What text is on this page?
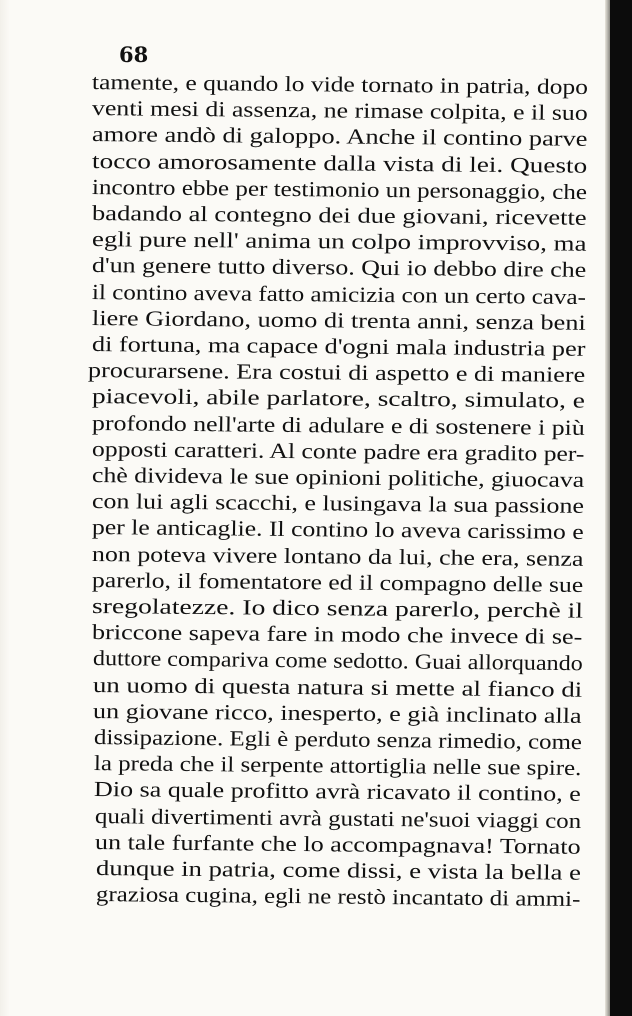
68

tamente, e quando lo vide tornato in patria, dopo

venti mesi di assenza, ne rimase colpita, e il suo

amore andò di galoppo. Anche il contino parve

tocco amorosamente dalla vista di lei. Questo

incontro ebbe per testimonio un personaggio, che

badando al contegno dei due giovani, ricevette

egli pure nell' anima un colpo improvviso, ma

d'un genere tutto diverso. Qui io debbo dire che

il contino aveva fatto amicizia con un certo cava-

liere Giordano, uomo di trenta anni, senza beni

di fortuna, ma capace d'ogni mala industria per

procurarsene. Era costui di aspetto e di maniere

piacevoli, abile parlatore, scaltro, simulato, e

profondo nell'arte di adulare e di sostenere i più

opposti caratteri. Al conte padre era gradito per-

chè divideva le sue opinioni politiche, giuocava

con lui agli scacchi, e lusingava la sua passione

per le anticaglie. Il contino lo aveva carissimo e

non poteva vivere lontano da lui, che era, senza

parerlo, il fomentatore ed il compagno delle sue

sregolatezze. Io dico senza parerlo, perchè il

briccone sapeva fare in modo che invece di se-

duttore compariva come sedotto. Guai allorquando

un uomo di questa natura si mette al fianco di

un giovane ricco, inesperto, e già inclinato alla

dissipazione. Egli è perduto senza rimedio, come

la preda che il serpente attortiglia nelle sue spire.

Dio sa quale profitto avrà ricavato il contino, e

quali divertimenti avrà gustati ne'suoi viaggi con

un tale furfante che lo accompagnava! Tornato

dunque in patria, come dissi, e vista la bella e

graziosa cugina, egli ne restò incantato di ammi-
